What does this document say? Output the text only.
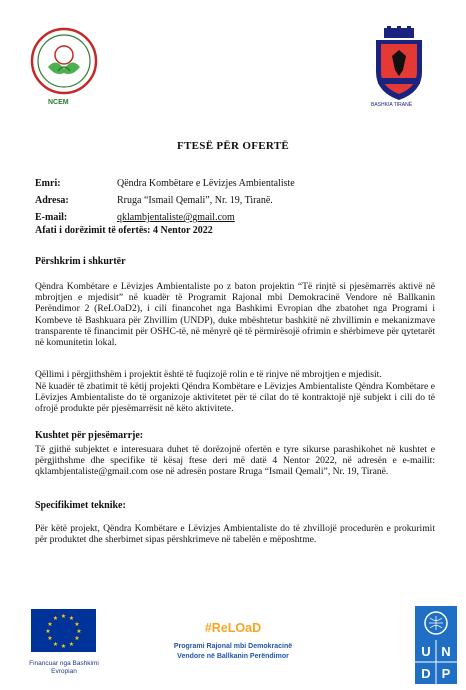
NCEM	BASHKIA TIRANË
FTESË PËR OFERTË
Emri:	Qëndra Kombëtare e Lëvizjes Ambientaliste
Adresa:	Rruga “Ismail Qemali”, Nr. 19, Tiranë.
E-mail:	qklambjentaliste@gmail.com
Afati i dorëzimit të ofertës: 4 Nentor 2022
Përshkrim i shkurtër
Qëndra Kombëtare e Lëvizjes Ambientaliste po z baton projektin “Të rinjtë si pjesëmarrës aktivë në mbrojtjen e mjedisit” në kuadër të Programit Rajonal mbi Demokracinë Vendore në Ballkanin Perëndimor 2 (ReLOaD2), i cili financohet nga Bashkimi Evropian dhe zbatohet nga Programi i Kombeve të Bashkuara për Zhvillim (UNDP), duke mbështetur bashkitë në zhvillimin e mekanizmave transparente të financimit për OSHC-të, në mënyrë që të përmirësojë ofrimin e shërbimeve për qytetarët në komunitetin lokal.
Qëllimi i përgjithshëm i projektit është të fuqizojë rolin e të rinjve në mbrojtjen e mjedisit.
Në kuadër të zbatimit të këtij projekti Qëndra Kombëtare e Lëvizjes Ambientaliste Qëndra Kombëtare e Lëvizjes Ambientaliste do të organizoje aktivitetet për të cilat do të kontraktojë një subjekt i cili do të ofrojë produkte për pjesëmarrësit në këto aktivitete.
Kushtet për pjesëmarrje:
Të gjithë subjektet e interesuara duhet të dorëzojnë ofertën e tyre sikurse parashikohet në kushtet e përgjithshme dhe specifike të kësaj ftese deri më datë 4 Nentor 2022, në adresën e e-mailit: qklambjentaliste@gmail.com ose në adresën postare Rruga “Ismail Qemali”, Nr. 19, Tiranë.
Specifikimet teknike:
Për këtë projekt, Qëndra Kombëtare e Lëvizjes Ambientaliste do të zhvillojë procedurën e prokurimit për produktet dhe sherbimet sipas përshkrimeve në tabelën e mëposhtme.
★ ★
★
★
★
★
★
★
★
★
★
★
Financuar nga Bashkimi Evropian
#ReLOaD
Programi Rajonal mbi Demokracinë
Vendore në Ballkanin Perëndimor	U N
D P
